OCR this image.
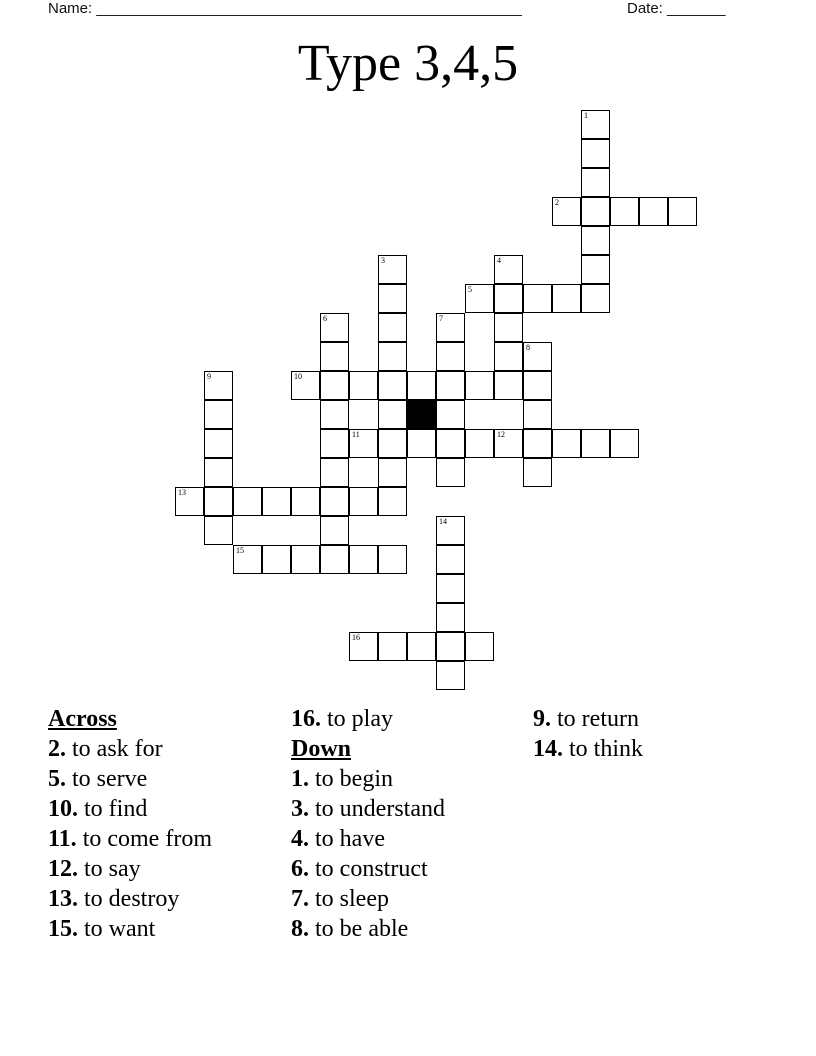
Name: ___________________________________________________	Date: _______
Type 3,4,5
1
2
3	4
5
6	7
8
9	10
11	12
13
14
15
16
Across
2. to ask for
5. to serve
10. to find
11. to come from
12. to say
13. to destroy
15. to want
16. to play
Down
1. to begin
3. to understand
4. to have
6. to construct
7. to sleep
8. to be able
9. to return
14. to think
